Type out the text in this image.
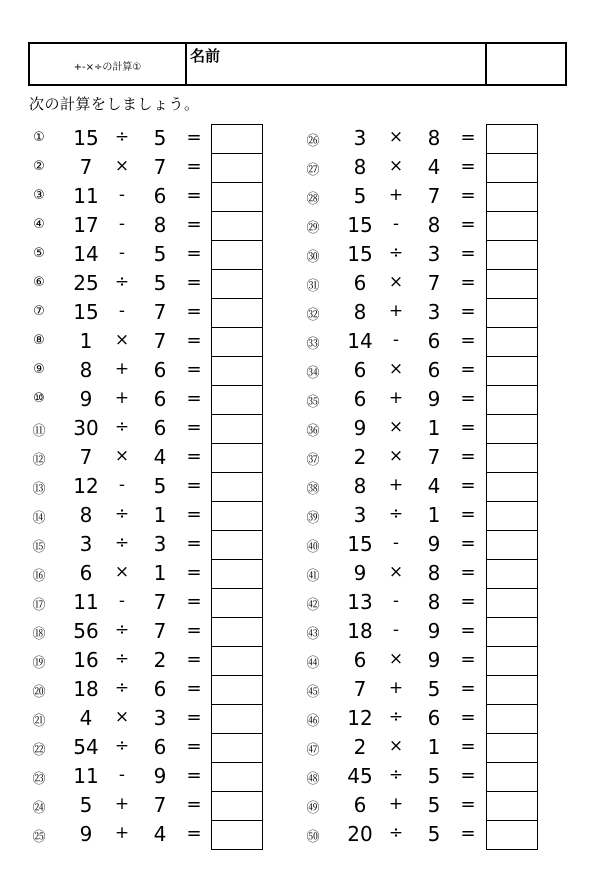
+-×÷の計算①
名前
次の計算をしましょう。
①	15 ÷	5	=
②	7	×	7	=
③	11	-	6	=
④	17	-	8	=
⑤	14	-	5	=
⑥	25 ÷	5	=
⑦	15	-	7	=
⑧	1	×	7	=
⑨	8	+	6	=
⑩	9	+	6	=
⑪	30 ÷	6	=
⑫	7	×	4	=
⑬	12	-	5	=
⑭	8	÷	1	=
⑮	3	÷	3	=
⑯	6	×	1	=
⑰	11	-	7	=
⑱	56 ÷	7	=
⑲	16 ÷	2	=
⑳	18 ÷	6	=
㉑	4	×	3	=
㉒	54 ÷	6	=
㉓	11	-	9	=
㉔	5	+	7	=
㉕	9	+	4	=
㉖	3	×	8	=
㉗	8	×	4	=
㉘	5	+	7	=
㉙	15	-	8	=
㉚	15 ÷	3	=
㉛	6	×	7	=
㉜	8	+	3	=
㉝	14	-	6	=
㉞	6	×	6	=
㉟	6	+	9	=
㊱	9	×	1	=
㊲	2	×	7	=
㊳	8	+	4	=
㊴	3	÷	1	=
㊵	15	-	9	=
㊶	9	×	8	=
㊷	13	-	8	=
㊸	18	-	9	=
㊹	6	×	9	=
㊺	7	+	5	=
㊻	12 ÷	6	=
㊼	2	×	1	=
㊽	45 ÷	5	=
㊾	6	+	5	=
㊿	20 ÷	5	=
